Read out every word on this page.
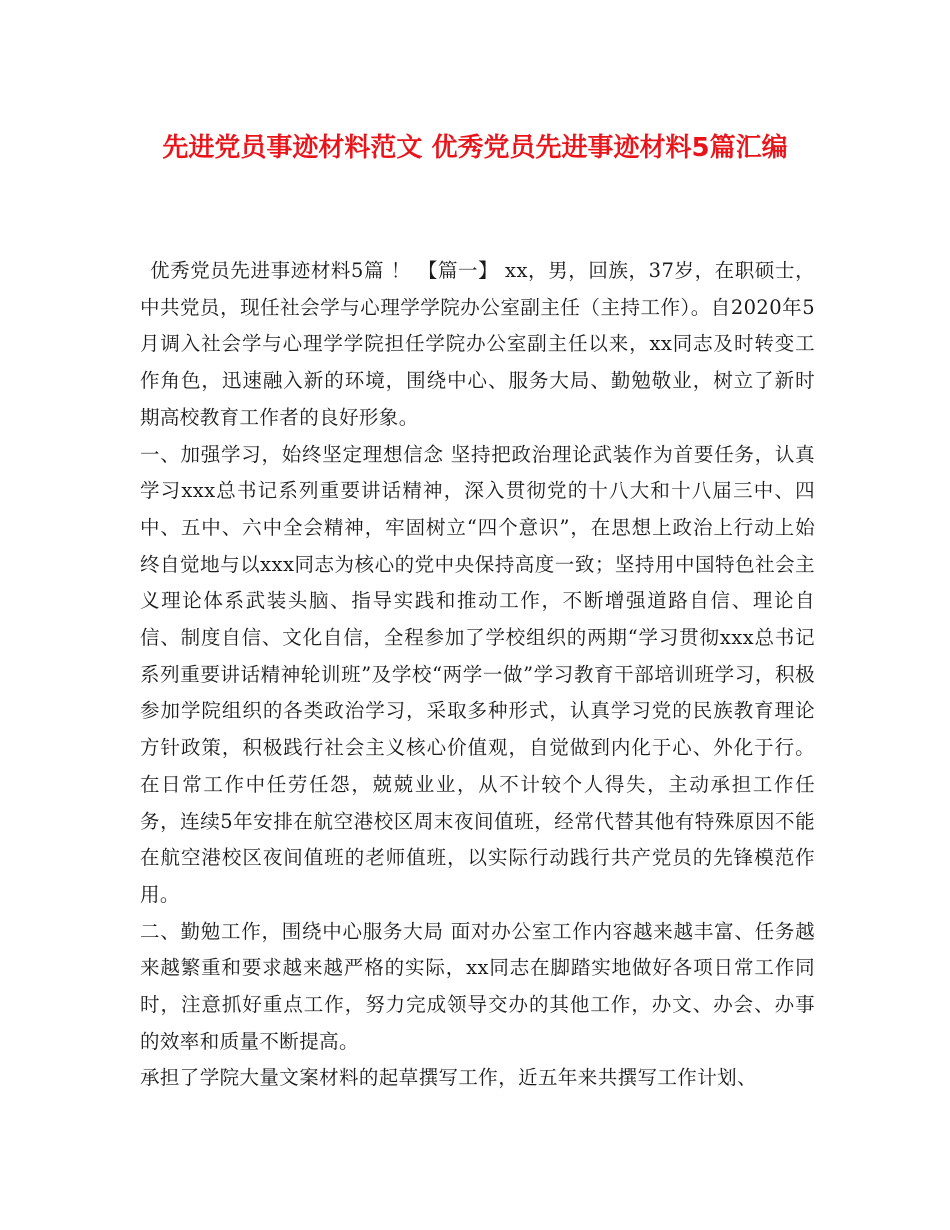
先进党员事迹材料范文 优秀党员先进事迹材料5篇汇编

优秀党员先进事迹材料5篇 ！ 【篇一】 xx，男，回族，37岁，在职硕士，中共党员，现任社会学与心理学学院办公室副主任（主持工作）。自2020年5月调入社会学与心理学学院担任学院办公室副主任以来，xx同志及时转变工作角色，迅速融入新的环境，围绕中心、服务大局、勤勉敬业，树立了新时期高校教育工作者的良好形象。

一、加强学习，始终坚定理想信念 坚持把政治理论武装作为首要任务，认真学习xxx总书记系列重要讲话精神，深入贯彻党的十八大和十八届三中、四中、五中、六中全会精神，牢固树立“四个意识”，在思想上政治上行动上始终自觉地与以xxx同志为核心的党中央保持高度一致；坚持用中国特色社会主义理论体系武装头脑、指导实践和推动工作，不断增强道路自信、理论自信、制度自信、文化自信，全程参加了学校组织的两期“学习贯彻xxx总书记系列重要讲话精神轮训班”及学校“两学一做”学习教育干部培训班学习，积极参加学院组织的各类政治学习，采取多种形式，认真学习党的民族教育理论方针政策，积极践行社会主义核心价值观，自觉做到内化于心、外化于行。在日常工作中任劳任怨，兢兢业业，从不计较个人得失，主动承担工作任务，连续5年安排在航空港校区周末夜间值班，经常代替其他有特殊原因不能在航空港校区夜间值班的老师值班，以实际行动践行共产党员的先锋模范作用。

二、勤勉工作，围绕中心服务大局 面对办公室工作内容越来越丰富、任务越来越繁重和要求越来越严格的实际，xx同志在脚踏实地做好各项日常工作同时，注意抓好重点工作，努力完成领导交办的其他工作，办文、办会、办事的效率和质量不断提高。

承担了学院大量文案材料的起草撰写工作，近五年来共撰写工作计划、
